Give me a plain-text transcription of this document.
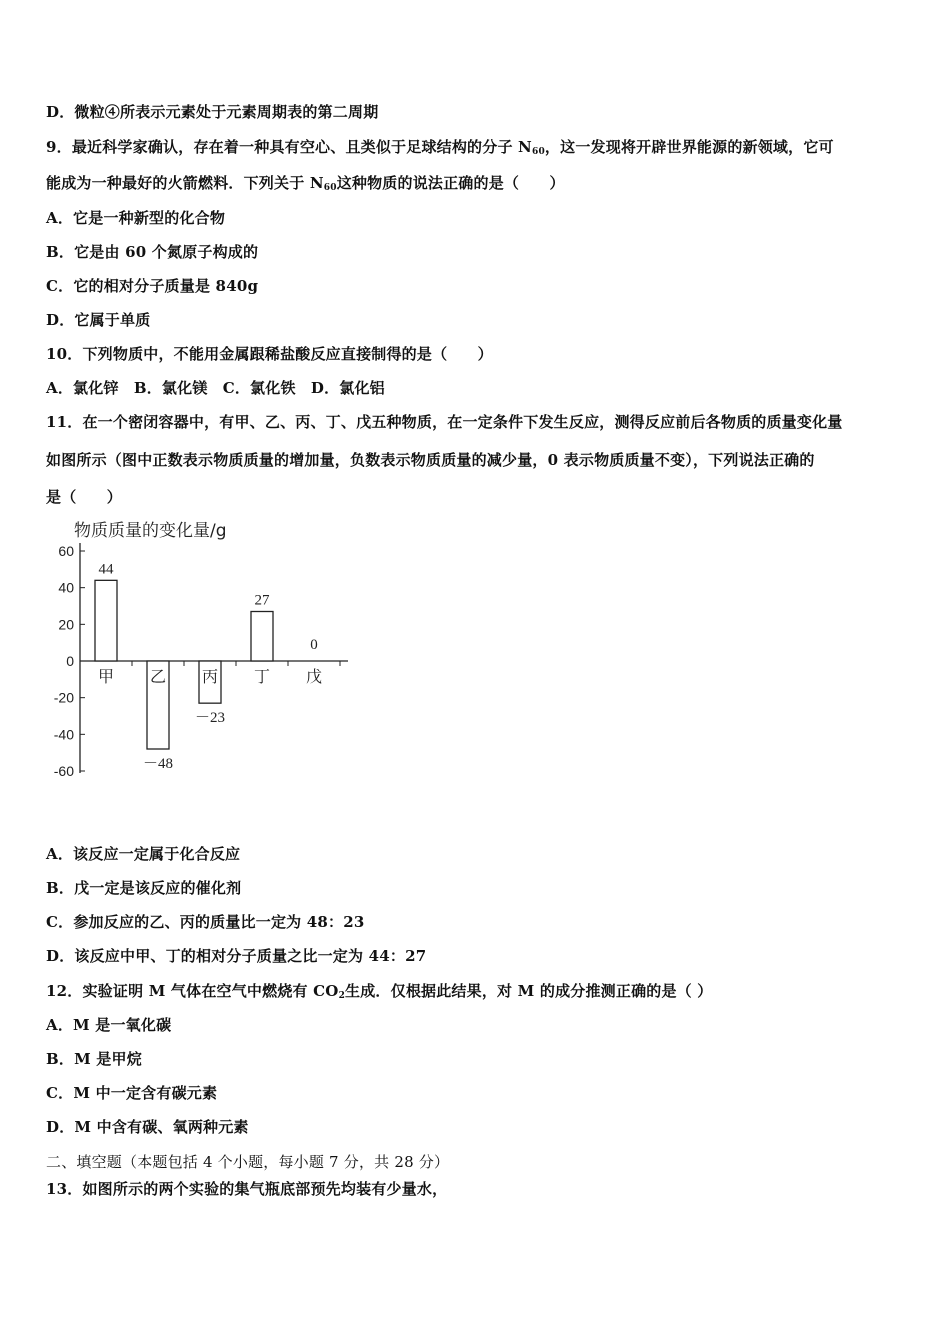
D．微粒④所表示元素处于元素周期表的第二周期
9．最近科学家确认，存在着一种具有空心、且类似于足球结构的分子 $N_{60}$，这一发现将开辟世界能源的新领域，它可
能成为一种最好的火箭燃料．下列关于 $N_{60}$这种物质的说法正确的是（　　）
A．它是一种新型的化合物
B．它是由 60 个氮原子构成的
C．它的相对分子质量是 840g
D．它属于单质
10．下列物质中，不能用金属跟稀盐酸反应直接制得的是（　　）
A．氯化锌　B．氯化镁　C．氯化铁　D．氯化铝
11．在一个密闭容器中，有甲、乙、丙、丁、戊五种物质，在一定条件下发生反应，测得反应前后各物质的质量变化量
如图所示（图中正数表示物质质量的增加量，负数表示物质质量的减少量，0 表示物质质量不变），下列说法正确的
是（　　）
物质质量的变化量/g
60
40
20
0
-20
-40
-60
甲
44
乙
－48
丙
－23
丁
27
戊
0
A．该反应一定属于化合反应
B．戊一定是该反应的催化剂
C．参加反应的乙、丙的质量比一定为 48：23
D．该反应中甲、丁的相对分子质量之比一定为 44：27
12．实验证明 M 气体在空气中燃烧有 $CO_2$生成．仅根据此结果，对 M 的成分推测正确的是（ ）
A．M 是一氧化碳
B．M 是甲烷
C．M 中一定含有碳元素
D．M 中含有碳、氧两种元素
二、填空题（本题包括 4 个小题，每小题 7 分，共 28 分）
13．如图所示的两个实验的集气瓶底部预先均装有少量水，
